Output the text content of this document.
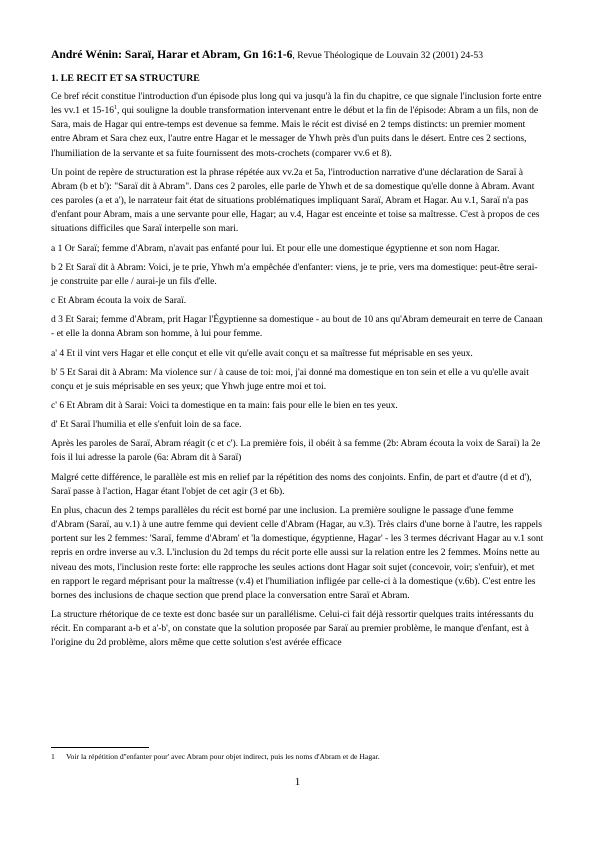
André Wénin: Saraï, Harar et Abram, Gn 16:1-6, Revue Théologique de Louvain 32 (2001) 24-53
1. LE RECIT ET SA STRUCTURE

Ce bref récit constitue l'introduction d'un épisode plus long qui va jusqu'à la fin du chapitre, ce que signale l'inclusion forte entre les vv.1 et $15-16^1$, qui souligne la double transformation intervenant entre le début et la fin de l'épisode: Abram a un fils, non de Sara, mais de Hagar qui entre-temps est devenue sa femme. Mais le récit est divisé en 2 temps distincts: un premier moment entre Abram et Sara chez eux, l'autre entre Hagar et le messager de Yhwh près d'un puits dans le désert. Entre ces 2 sections, l'humiliation de la servante et sa fuite fournissent des mots-crochets (comparer vv.6 et 8).

Un point de repère de structuration est la phrase répétée aux vv.2a et 5a, l'introduction narrative d'une déclaration de Saraï à Abram (b et b'): "Saraï dit à Abram". Dans ces 2 paroles, elle parle de Yhwh et de sa domestique qu'elle donne à Abram. Avant ces paroles (a et a'), le narrateur fait état de situations problématiques impliquant Saraï, Abram et Hagar. Au v.1, Saraï n'a pas d'enfant pour Abram, mais a une servante pour elle, Hagar; au v.4, Hagar est enceinte et toise sa maîtresse. C'est à propos de ces situations difficiles que Saraï interpelle son mari.

a 1 Or Saraï; femme d'Abram, n'avait pas enfanté pour lui. Et pour elle une domestique égyptienne et son nom Hagar.

b 2 Et Saraï dit à Abram: Voici, je te prie, Yhwh m'a empêchée d'enfanter: viens, je te prie, vers ma domestique: peut-être serai-je construite par elle / aurai-je un fils d'elle.

c Et Abram écouta la voix de Saraï.

d 3 Et Sarai; femme d'Abram, prit Hagar l'Égyptienne sa domestique - au bout de 10 ans qu'Abram demeurait en terre de Canaan - et elle la donna Abram son homme, à lui pour femme.

a' 4 Et il vint vers Hagar et elle conçut et elle vit qu'elle avait conçu et sa maîtresse fut méprisable en ses yeux.

b' 5 Et Sarai dit à Abram: Ma violence sur / à cause de toi: moi, j'ai donné ma domestique en ton sein et elle a vu qu'elle avait conçu et je suis méprisable en ses yeux; que Yhwh juge entre moi et toi.

c' 6 Et Abram dit à Sarai: Voici ta domestique en ta main: fais pour elle le bien en tes yeux.

d' Et Saraï l'humilia et elle s'enfuit loin de sa face.

Après les paroles de Saraï, Abram réagit (c et c'). La première fois, il obéit à sa femme (2b: Abram écouta la voix de Sarai) la 2e fois il lui adresse la parole (6a: Abram dit à Saraï)

Malgré cette différence, le parallèle est mis en relief par la répétition des noms des conjoints. Enfin, de part et d'autre (d et d'), Saraï passe à l'action, Hagar étant l'objet de cet agir (3 et 6b).

En plus, chacun des 2 temps parallèles du récit est borné par une inclusion. La première souligne le passage d'une femme d'Abram (Saraï, au v.1) à une autre femme qui devient celle d'Abram (Hagar, au v.3). Très clairs d'une borne à l'autre, les rappels portent sur les 2 femmes: 'Saraï, femme d'Abram' et 'la domestique, égyptienne, Hagar' - les 3 termes décrivant Hagar au v.1 sont repris en ordre inverse au v.3. L'inclusion du 2d temps du récit porte elle aussi sur la relation entre les 2 femmes. Moins nette au niveau des mots, l'inclusion reste forte: elle rapproche les seules actions dont Hagar soit sujet (concevoir, voir; s'enfuir), et met en rapport le regard méprisant pour la maîtresse (v.4) et l'humiliation infligée par celle-ci à la domestique (v.6b). C'est entre les bornes des inclusions de chaque section que prend place la conversation entre Saraï et Abram.

La structure rhétorique de ce texte est donc basée sur un parallélisme. Celui-ci fait déjà ressortir quelques traits intéressants du récit. En comparant a-b et a'-b', on constate que la solution proposée par Saraï au premier problème, le manque d'enfant, est à l'origine du 2d problème, alors même que cette solution s'est avérée efficace

1 Voir la répétition d''enfanter pour' avec Abram pour objet indirect, puis les noms d'Abram et de Hagar.
1
